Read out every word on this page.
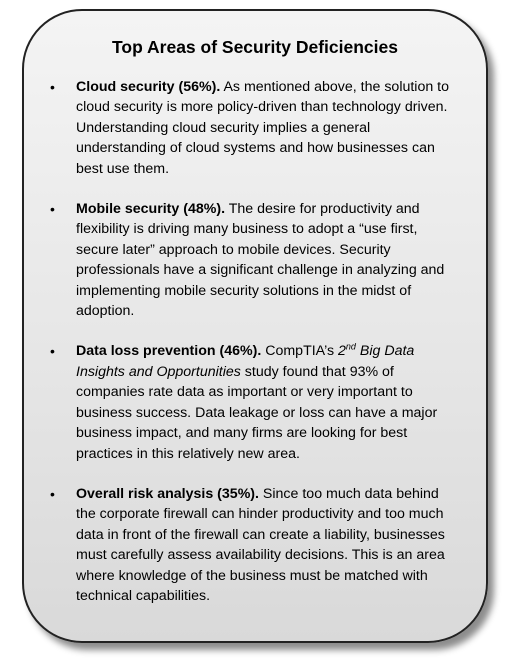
Top Areas of Security Deficiencies
• Cloud security (56%). As mentioned above, the solution to cloud security is more policy-driven than technology driven. Understanding cloud security implies a general understanding of cloud systems and how businesses can best use them.
• Mobile security (48%). The desire for productivity and flexibility is driving many business to adopt a “use first, secure later” approach to mobile devices. Security professionals have a significant challenge in analyzing and implementing mobile security solutions in the midst of adoption.
• Data loss prevention (46%). CompTIA’s 2nd Big Data Insights and Opportunities study found that 93% of companies rate data as important or very important to business success. Data leakage or loss can have a major business impact, and many firms are looking for best practices in this relatively new area.
• Overall risk analysis (35%). Since too much data behind the corporate firewall can hinder productivity and too much data in front of the firewall can create a liability, businesses must carefully assess availability decisions. This is an area where knowledge of the business must be matched with technical capabilities.
